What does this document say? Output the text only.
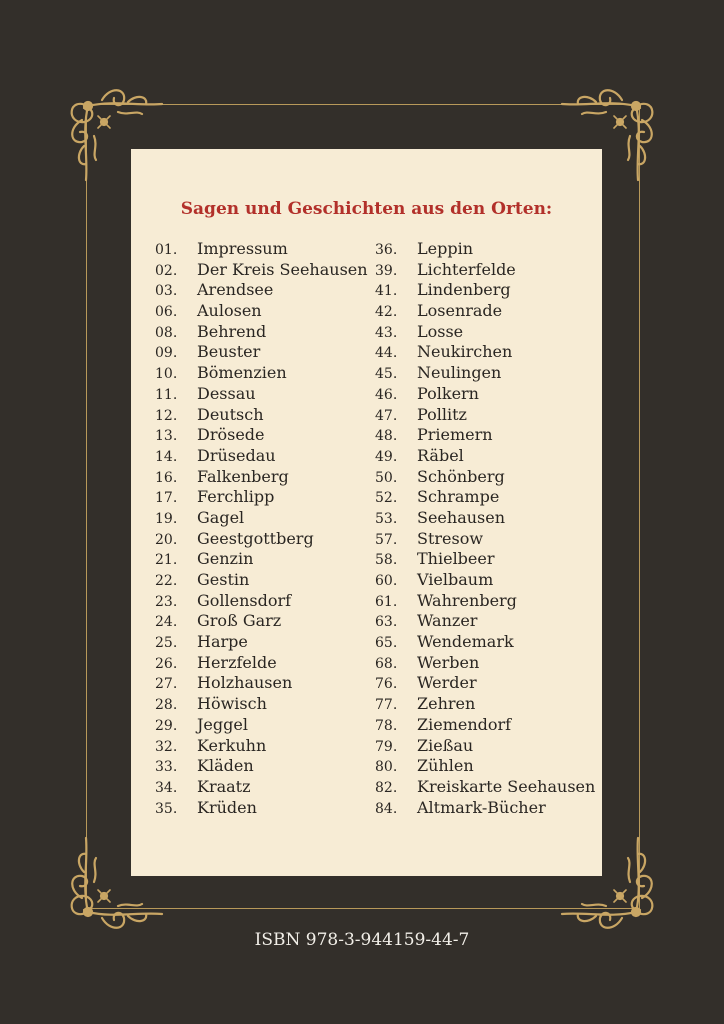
Sagen und Geschichten aus den Orten:
01. Impressum
02. Der Kreis Seehausen
03. Arendsee
06. Aulosen
08. Behrend
09. Beuster
10. Bömenzien
11. Dessau
12. Deutsch
13. Drösede
14. Drüsedau
16. Falkenberg
17. Ferchlipp
19. Gagel
20. Geestgottberg
21. Genzin
22. Gestin
23. Gollensdorf
24. Groß Garz
25. Harpe
26. Herzfelde
27. Holzhausen
28. Höwisch
29. Jeggel
32. Kerkuhn
33. Kläden
34. Kraatz
35. Krüden
36. Leppin
39. Lichterfelde
41. Lindenberg
42. Losenrade
43. Losse
44. Neukirchen
45. Neulingen
46. Polkern
47. Pollitz
48. Priemern
49. Räbel
50. Schönberg
52. Schrampe
53. Seehausen
57. Stresow
58. Thielbeer
60. Vielbaum
61. Wahrenberg
63. Wanzer
65. Wendemark
68. Werben
76. Werder
77. Zehren
78. Ziemendorf
79. Zießau
80. Zühlen
82. Kreiskarte Seehausen
84. Altmark-Bücher
ISBN 978-3-944159-44-7
